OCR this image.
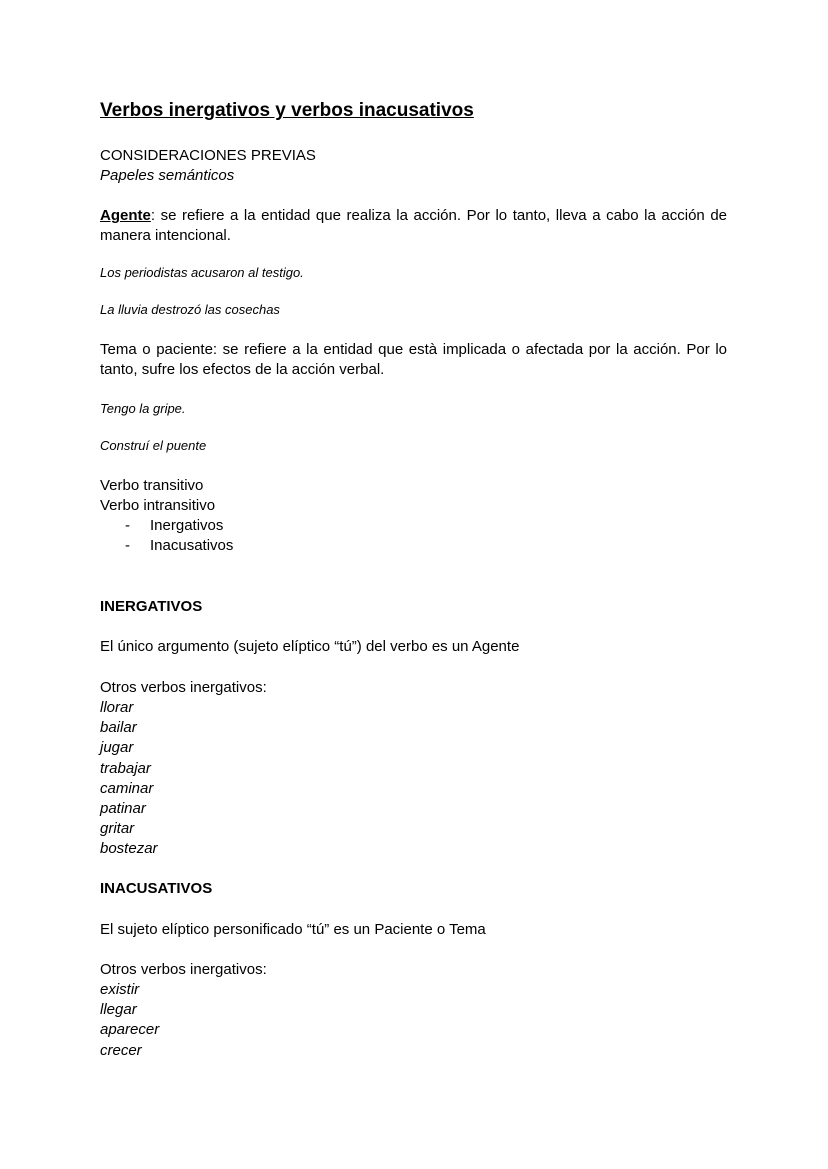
Verbos inergativos y verbos inacusativos
CONSIDERACIONES PREVIAS
Papeles semánticos
Agente: se refiere a la entidad que realiza la acción. Por lo tanto, lleva a cabo la acción de manera intencional.
Los periodistas acusaron al testigo.
La lluvia destrozó las cosechas
Tema o paciente: se refiere a la entidad que està implicada o afectada por la acción. Por lo tanto, sufre los efectos de la acción verbal.
Tengo la gripe.
Construí el puente
Verbo transitivo
Verbo intransitivo
- Inergativos
- Inacusativos
INERGATIVOS
El único argumento (sujeto elíptico “tú”) del verbo es un Agente
Otros verbos inergativos:
llorar
bailar
jugar
trabajar
caminar
patinar
gritar
bostezar
INACUSATIVOS
El sujeto elíptico personificado “tú” es un Paciente o Tema
Otros verbos inergativos:
existir
llegar
aparecer
crecer
